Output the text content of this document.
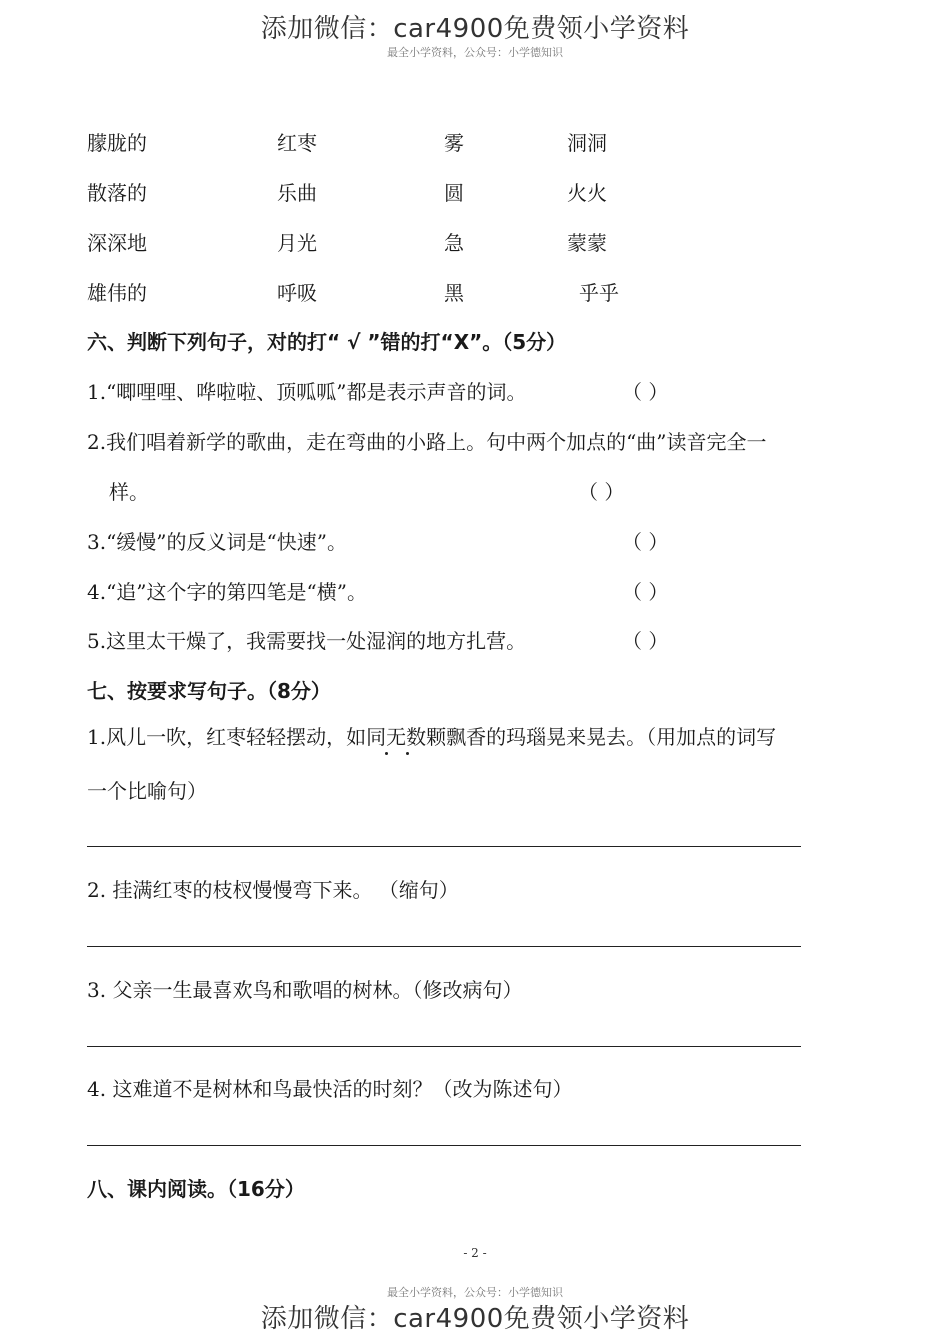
添加微信：car4900免费领小学资料
最全小学资料，公众号：小学德知识
朦胧的	红枣	雾	洞洞
散落的	乐曲	圆	火火
深深地	月光	急	蒙蒙
雄伟的	呼吸	黑	乎乎
六、判断下列句子，对的打“ √ ”错的打“X”。（5分）
1.“唧哩哩、哗啦啦、顶呱呱”都是表示声音的词。	（ ）
2.我们唱着新学的歌曲，走在弯曲的小路上。句中两个加点的“曲”读音完全一
样。	（ ）
3.“缓慢”的反义词是“快速”。	（ ）
4.“追”这个字的第四笔是“横”。	（ ）
5.这里太干燥了，我需要找一处湿润的地方扎营。	（ ）
七、按要求写句子。（8分）
1.风儿一吹，红枣轻轻摆动，如同无数颗飘香的玛瑙晃来晃去。（用加点的词写
一个比喻句）
2. 挂满红枣的枝杈慢慢弯下来。 （缩句）
3. 父亲一生最喜欢鸟和歌唱的树林。（修改病句）
4. 这难道不是树林和鸟最快活的时刻？（改为陈述句）
八、课内阅读。（16分）
- 2 -
最全小学资料，公众号：小学德知识
添加微信：car4900免费领小学资料
